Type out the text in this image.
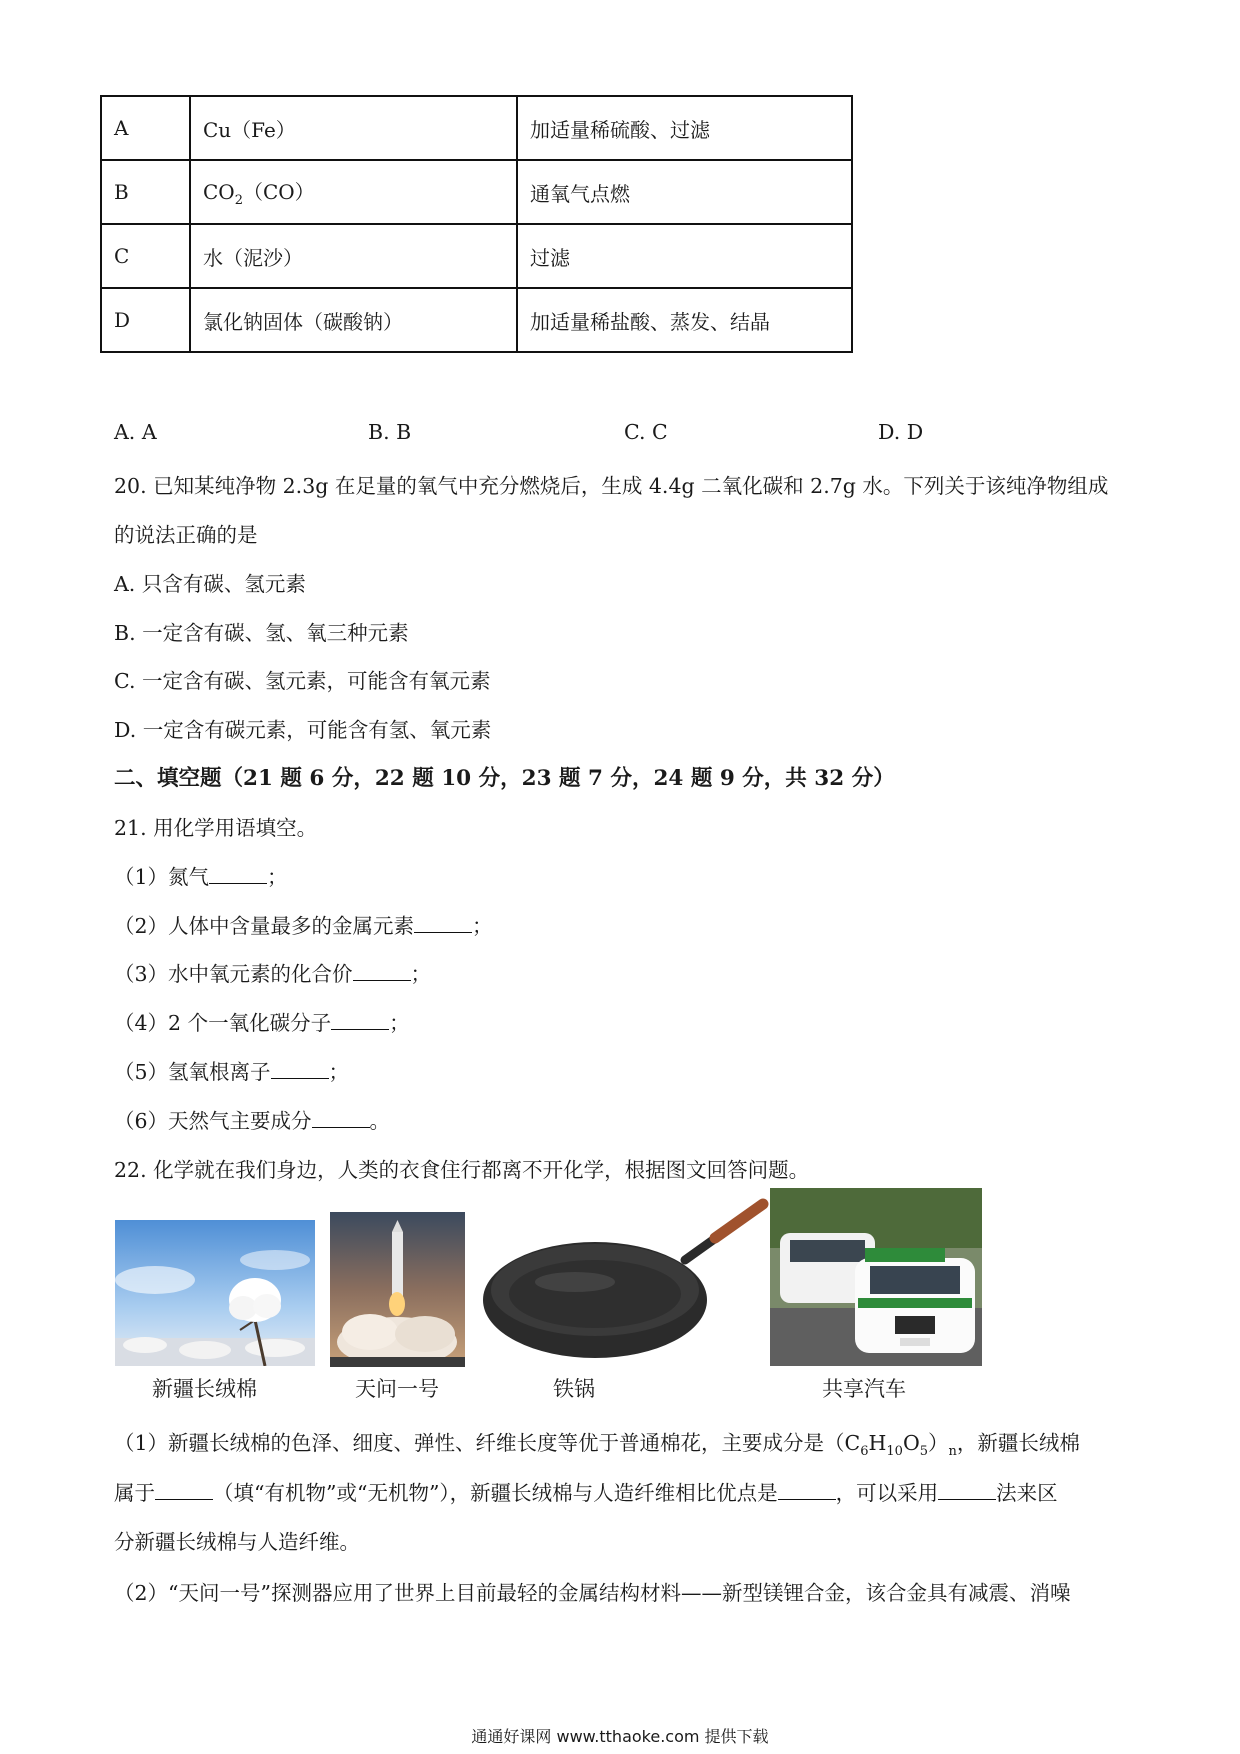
A	Cu（Fe）	加适量稀硫酸、过滤
B	$CO_2(CO)$	通氧气点燃
C	水（泥沙）	过滤
D	氯化钠固体（碳酸钠）	加适量稀盐酸、蒸发、结晶
A. A	B. B	C. C	D. D
20. 已知某纯净物 2.3g 在足量的氧气中充分燃烧后，生成 4.4g 二氧化碳和 2.7g 水。下列关于该纯净物组成
的说法正确的是
A. 只含有碳、氢元素
B. 一定含有碳、氢、氧三种元素
C. 一定含有碳、氢元素，可能含有氧元素
D. 一定含有碳元素，可能含有氢、氧元素
二、填空题（21 题 6 分，22 题 10 分，23 题 7 分，24 题 9 分，共 32 分）
21. 用化学用语填空。
（1）氮气	；
（2）人体中含量最多的金属元素	；
（3）水中氧元素的化合价	；
（4）2 个一氧化碳分子	；
（5）氢氧根离子	；
（6）天然气主要成分	。
22. 化学就在我们身边，人类的衣食住行都离不开化学，根据图文回答问题。
新疆长绒棉	天问一号	铁锅	共享汽车
（1）新疆长绒棉的色泽、细度、弹性、纤维长度等优于普通棉花，主要成分是$(C_6H_{10}O_5)_n$，新疆长绒棉
属于	（填“有机物”或“无机物”），新疆长绒棉与人造纤维相比优点是	，可以采用	法来区
分新疆长绒棉与人造纤维。
（2）“天问一号”探测器应用了世界上目前最轻的金属结构材料——新型镁锂合金，该合金具有减震、消噪
通通好课网 www.tthaoke.com 提供下载
